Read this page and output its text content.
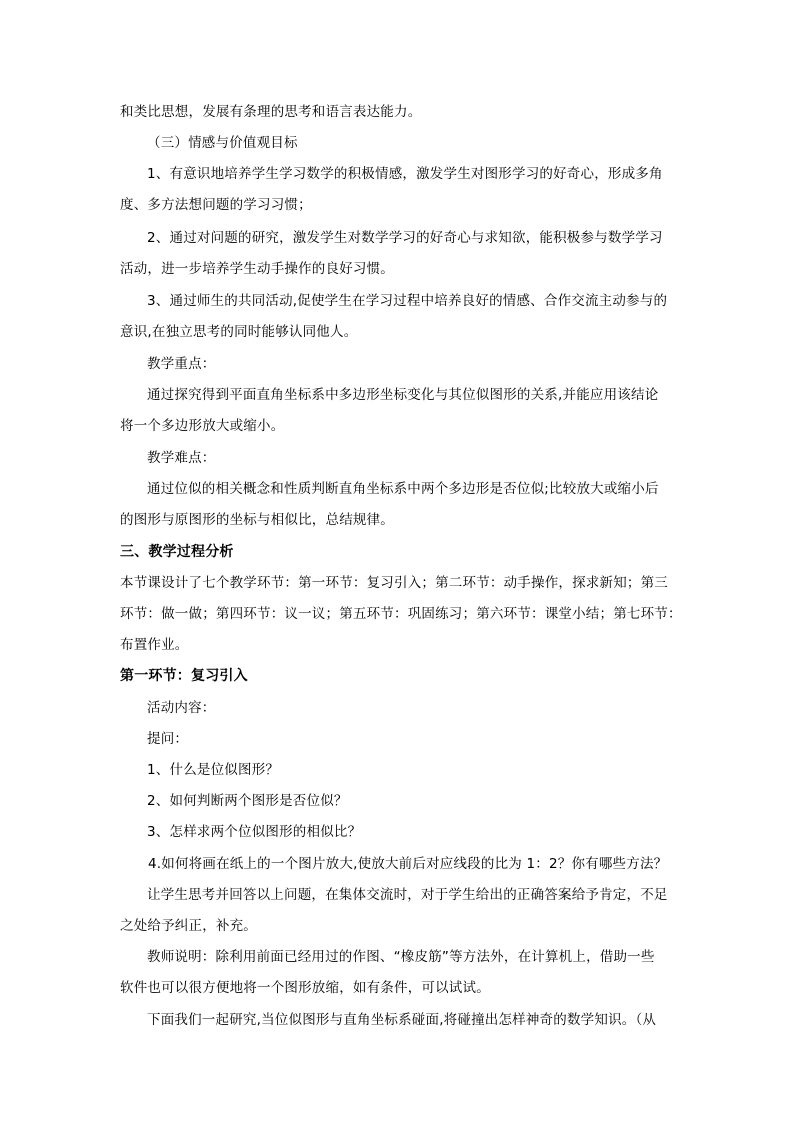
和类比思想，发展有条理的思考和语言表达能力。
（三）情感与价值观目标
1、有意识地培养学生学习数学的积极情感，激发学生对图形学习的好奇心，形成多角
度、多方法想问题的学习习惯；
2、通过对问题的研究，激发学生对数学学习的好奇心与求知欲，能积极参与数学学习
活动，进一步培养学生动手操作的良好习惯。
3、通过师生的共同活动,促使学生在学习过程中培养良好的情感、合作交流主动参与的
意识,在独立思考的同时能够认同他人。
教学重点：
通过探究得到平面直角坐标系中多边形坐标变化与其位似图形的关系,并能应用该结论
将一个多边形放大或缩小。
教学难点：
通过位似的相关概念和性质判断直角坐标系中两个多边形是否位似;比较放大或缩小后
的图形与原图形的坐标与相似比，总结规律。
三、教学过程分析
本节课设计了七个教学环节：第一环节：复习引入；第二环节：动手操作，探求新知；第三
环节：做一做；第四环节：议一议；第五环节：巩固练习；第六环节：课堂小结；第七环节：
布置作业。
第一环节：复习引入
活动内容：
提问：
1、什么是位似图形？
2、如何判断两个图形是否位似？
3、怎样求两个位似图形的相似比？
4.如何将画在纸上的一个图片放大,使放大前后对应线段的比为 1：2？你有哪些方法？
让学生思考并回答以上问题，在集体交流时，对于学生给出的正确答案给予肯定，不足
之处给予纠正，补充。
教师说明：除利用前面已经用过的作图、“橡皮筋”等方法外，在计算机上，借助一些
软件也可以很方便地将一个图形放缩，如有条件，可以试试。
下面我们一起研究,当位似图形与直角坐标系碰面,将碰撞出怎样神奇的数学知识。（从
